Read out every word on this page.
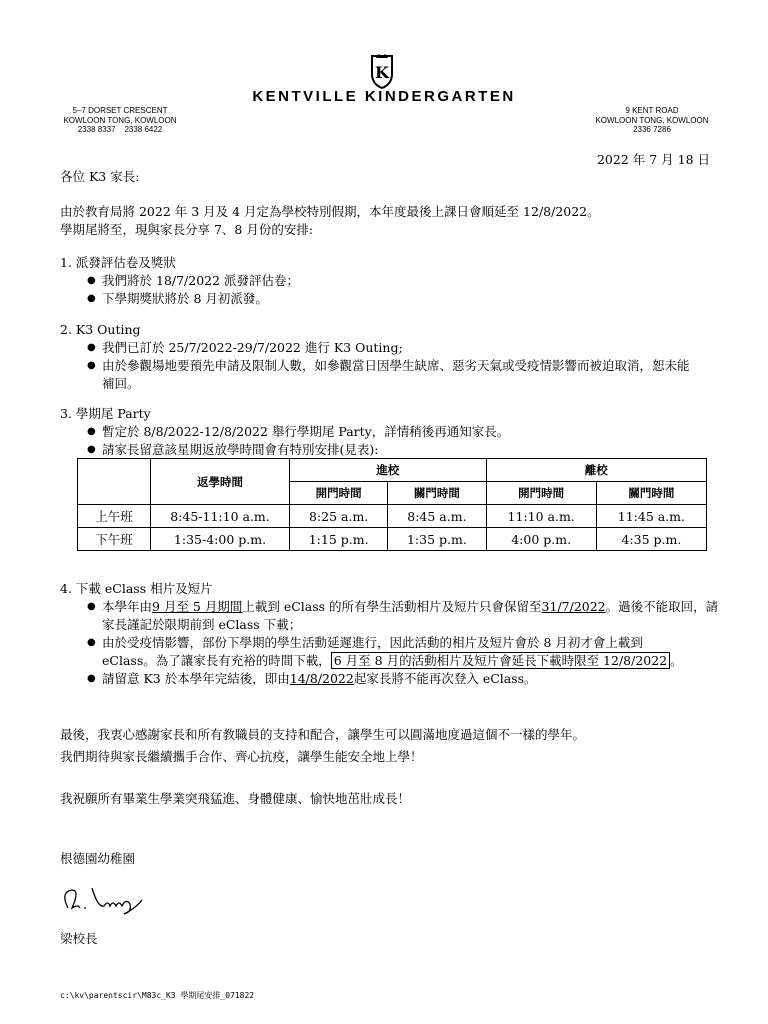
K
KENTVILLE KINDERGARTEN
5–7 DORSET CRESCENT
KOWLOON TONG, KOWLOON
2338 8337    2338 6422
9 KENT ROAD
KOWLOON TONG, KOWLOON
2336 7286
2022 年 7 月 18 日
各位 K3 家長:
由於教育局將 2022 年 3 月及 4 月定為學校特別假期，本年度最後上課日會順延至 12/8/2022。
學期尾將至，現與家長分享 7、8 月份的安排:
1. 派發評估卷及獎狀
● 我們將於 18/7/2022 派發評估卷；
● 下學期獎狀將於 8 月初派發。
2. K3 Outing
● 我們已訂於 25/7/2022-29/7/2022 進行 K3 Outing;
● 由於參觀場地要預先申請及限制人數，如參觀當日因學生缺席、惡劣天氣或受疫情影響而被迫取消，恕未能補回。
3. 學期尾 Party
● 暫定於 8/8/2022-12/8/2022 舉行學期尾 Party，詳情稍後再通知家長。
● 請家長留意該星期返放學時間會有特別安排(見表):
	返學時間	進校		離校	
		開門時間	關門時間	開門時間	關門時間
上午班	8:45-11:10 a.m.	8:25 a.m.	8:45 a.m.	11:10 a.m.	11:45 a.m.
下午班	1:35-4:00 p.m.	1:15 p.m.	1:35 p.m.	4:00 p.m.	4:35 p.m.
4. 下載 eClass 相片及短片
● 本學年由9 月至 5 月期間上載到 eClass 的所有學生活動相片及短片只會保留至31/7/2022。過後不能取回，請家長謹記於限期前到 eClass 下載；
● 由於受疫情影響，部份下學期的學生活動延遲進行，因此活動的相片及短片會於 8 月初才會上載到 eClass。為了讓家長有充裕的時間下載， 6 月至 8 月的活動相片及短片會延長下載時限至 12/8/2022 。
● 請留意 K3 於本學年完結後，即由14/8/2022起家長將不能再次登入 eClass。
最後，我衷心感謝家長和所有教職員的支持和配合，讓學生可以圓滿地度過這個不一樣的學年。
我們期待與家長繼續攜手合作、齊心抗疫，讓學生能安全地上學！
我祝願所有畢業生學業突飛猛進、身體健康、愉快地茁壯成長！
根德園幼稚園
梁校長
c:\kv\parentscir\M83c_K3 學期尾安排_071822
